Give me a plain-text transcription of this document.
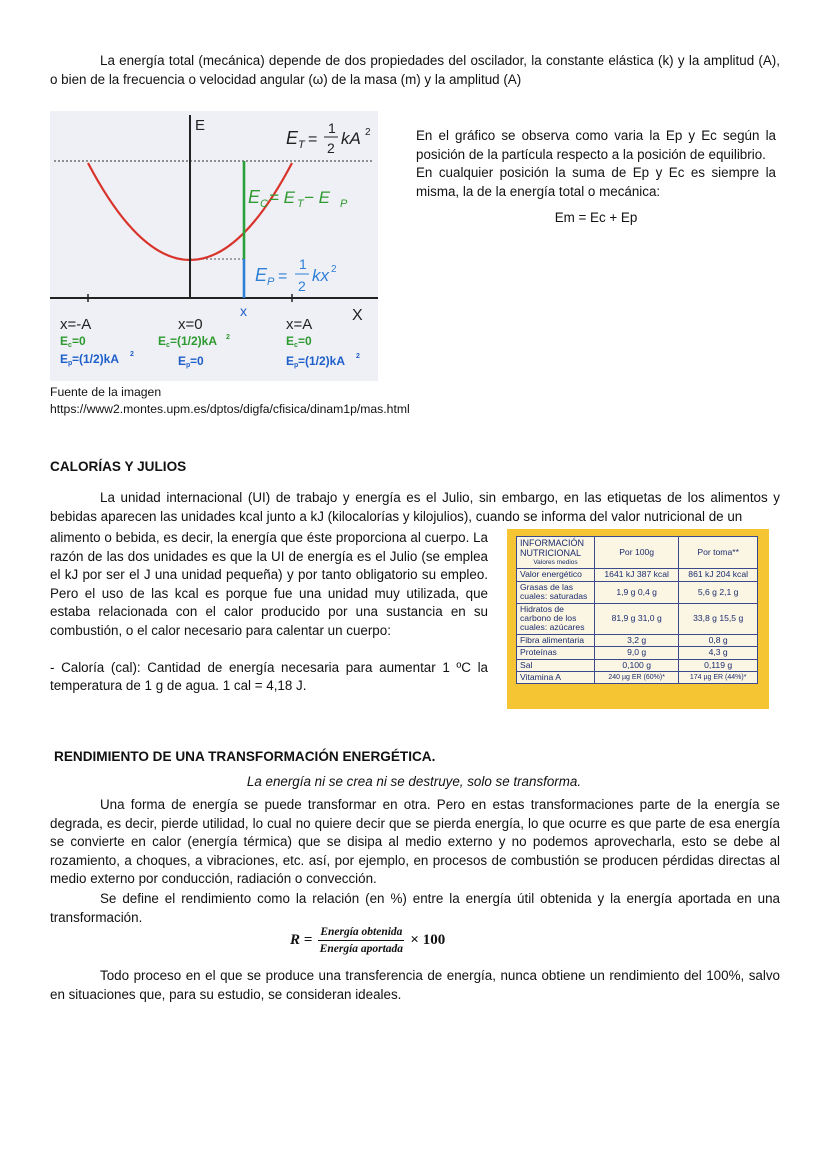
La energía total (mecánica) depende de dos propiedades del oscilador, la constante elástica (k) y la amplitud (A), o bien de la frecuencia o velocidad angular (ω) de la masa (m) y la amplitud (A)

E
X
x
E T =
1
2 kA 2
E C = E T − E P
E P =
1
2
kx 2
x=-A
E c =0
E p =(1/2)kA 2
x=0
E c =(1/2)kA 2
E p =0
x=A
E c =0
E p =(1/2)kA 2

En el gráfico se observa como varia la Ep y Ec según la posición de la partícula respecto a la posición de equilibrio.

En cualquier posición la suma de Ep y Ec es siempre la misma, la de la energía total o mecánica:

Em = Ec + Ep

Fuente de la imagen
https://www2.montes.upm.es/dptos/digfa/cfisica/dinam1p/mas.html
CALORÍAS Y JULIOS

La unidad internacional (UI) de trabajo y energía es el Julio, sin embargo, en las etiquetas de los alimentos y bebidas aparecen las unidades kcal junto a kJ (kilocalorías y kilojulios), cuando se informa del valor nutricional de un

alimento o bebida, es decir, la energía que éste proporciona al cuerpo. La razón de las dos unidades es que la UI de energía es el Julio (se emplea el kJ por ser el J una unidad pequeña) y por tanto obligatorio su empleo. Pero el uso de las kcal es porque fue una unidad muy utilizada, que estaba relacionada con el calor producido por una sustancia en su combustión, o el calor necesario para calentar un cuerpo:

- Caloría (cal): Cantidad de energía necesaria para aumentar 1 ºC la temperatura de 1 g de agua. 1 cal = 4,18 J.

INFORMACIÓN NUTRICIONAL
Valores medios	Por 100g	Por toma**
Valor energético	1641 kJ 387 kcal	861 kJ 204 kcal
Grasas de las cuales: saturadas	1,9 g 0,4 g	5,6 g 2,1 g
Hidratos de carbono de los cuales: azúcares	81,9 g 31,0 g	33,8 g 15,5 g
Fibra alimentaria	3,2 g	0,8 g
Proteínas	9,0 g	4,3 g
Sal	0,100 g	0,119 g
Vitamina A	240 µg ER (60%)*	174 µg ER (44%)*
RENDIMIENTO DE UNA TRANSFORMACIÓN ENERGÉTICA.

La energía ni se crea ni se destruye, solo se transforma.

Una forma de energía se puede transformar en otra. Pero en estas transformaciones parte de la energía se degrada, es decir, pierde utilidad, lo cual no quiere decir que se pierda energía, lo que ocurre es que parte de esa energía se convierte en calor (energía térmica) que se disipa al medio externo y no podemos aprovecharla, esto se debe al rozamiento, a choques, a vibraciones, etc. así, por ejemplo, en procesos de combustión se producen pérdidas directas al medio externo por conducción, radiación o convección.

Se define el rendimiento como la relación (en %) entre la energía útil obtenida y la energía aportada en una transformación.

$R = \frac{\text{Energía obtenida}}{\text{Energía aportada}} \times 100$

Todo proceso en el que se produce una transferencia de energía, nunca obtiene un rendimiento del 100%, salvo en situaciones que, para su estudio, se consideran ideales.
